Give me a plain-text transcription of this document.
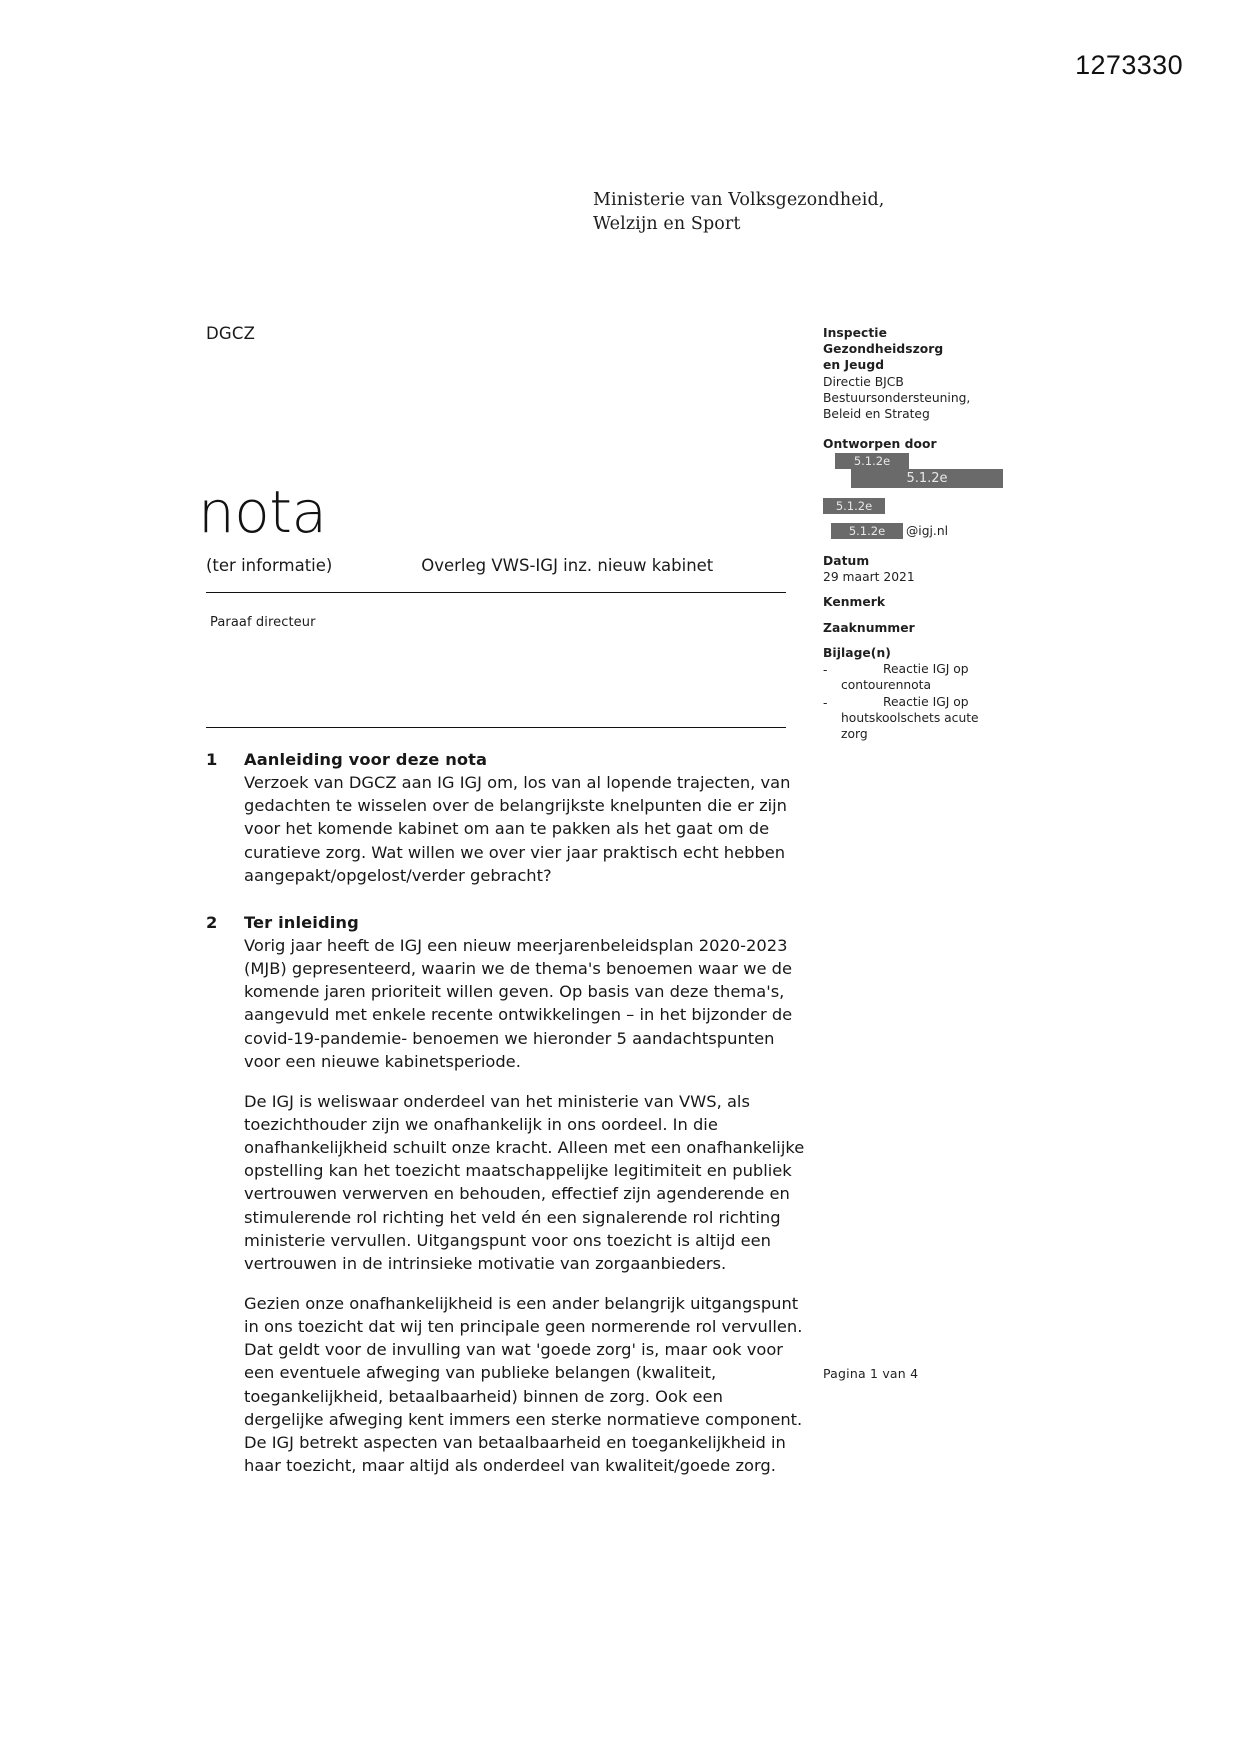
1273330
Ministerie van Volksgezondheid,
Welzijn en Sport
DGCZ
nota
(ter informatie)	Overleg VWS-IGJ inz. nieuw kabinet
Paraaf directeur
Inspectie Gezondheidszorg
en Jeugd
Directie BJCB
Bestuursondersteuning,
Beleid en Strateg
Ontworpen door
5.1.2e
5.1.2e
5.1.2e
5.1.2e @igj.nl
Datum
29 maart 2021
Kenmerk
Zaaknummer
Bijlage(n)
-	Reactie IGJ op contourennota
-	Reactie IGJ op houtskoolschets acute zorg
1 Aanleiding voor deze nota

Verzoek van DGCZ aan IG IGJ om, los van al lopende trajecten, van gedachten te wisselen over de belangrijkste knelpunten die er zijn voor het komende kabinet om aan te pakken als het gaat om de curatieve zorg. Wat willen we over vier jaar praktisch echt hebben aangepakt/opgelost/verder gebracht?

2 Ter inleiding

Vorig jaar heeft de IGJ een nieuw meerjarenbeleidsplan 2020-2023 (MJB) gepresenteerd, waarin we de thema's benoemen waar we de komende jaren prioriteit willen geven. Op basis van deze thema's, aangevuld met enkele recente ontwikkelingen – in het bijzonder de covid-19-pandemie- benoemen we hieronder 5 aandachtspunten voor een nieuwe kabinetsperiode.

De IGJ is weliswaar onderdeel van het ministerie van VWS, als toezichthouder zijn we onafhankelijk in ons oordeel. In die onafhankelijkheid schuilt onze kracht. Alleen met een onafhankelijke opstelling kan het toezicht maatschappelijke legitimiteit en publiek vertrouwen verwerven en behouden, effectief zijn agenderende en stimulerende rol richting het veld én een signalerende rol richting ministerie vervullen. Uitgangspunt voor ons toezicht is altijd een vertrouwen in de intrinsieke motivatie van zorgaanbieders.

Gezien onze onafhankelijkheid is een ander belangrijk uitgangspunt in ons toezicht dat wij ten principale geen normerende rol vervullen. Dat geldt voor de invulling van wat 'goede zorg' is, maar ook voor een eventuele afweging van publieke belangen (kwaliteit, toegankelijkheid, betaalbaarheid) binnen de zorg. Ook een dergelijke afweging kent immers een sterke normatieve component. De IGJ betrekt aspecten van betaalbaarheid en toegankelijkheid in haar toezicht, maar altijd als onderdeel van kwaliteit/goede zorg.

Pagina 1 van 4
